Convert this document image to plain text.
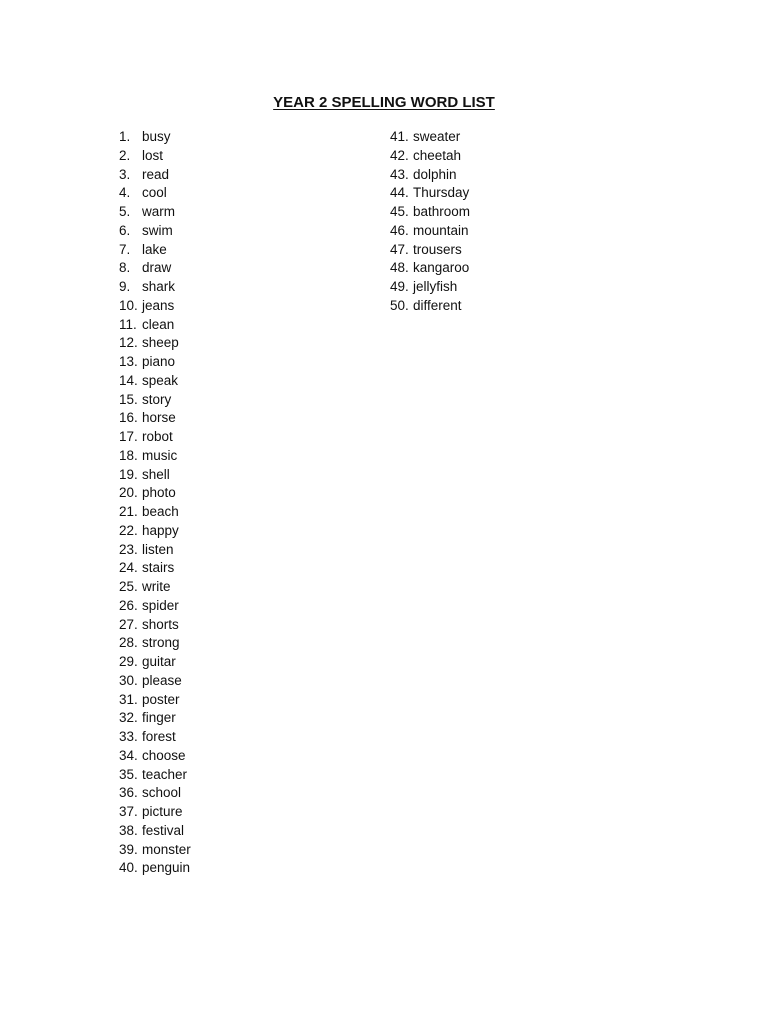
YEAR 2 SPELLING WORD LIST
1. busy
2. lost
3. read
4. cool
5. warm
6. swim
7. lake
8. draw
9. shark
10. jeans
11. clean
12. sheep
13. piano
14. speak
15. story
16. horse
17. robot
18. music
19. shell
20. photo
21. beach
22. happy
23. listen
24. stairs
25. write
26. spider
27. shorts
28. strong
29. guitar
30. please
31. poster
32. finger
33. forest
34. choose
35. teacher
36. school
37. picture
38. festival
39. monster
40. penguin
41. sweater
42. cheetah
43. dolphin
44. Thursday
45. bathroom
46. mountain
47. trousers
48. kangaroo
49. jellyfish
50. different
